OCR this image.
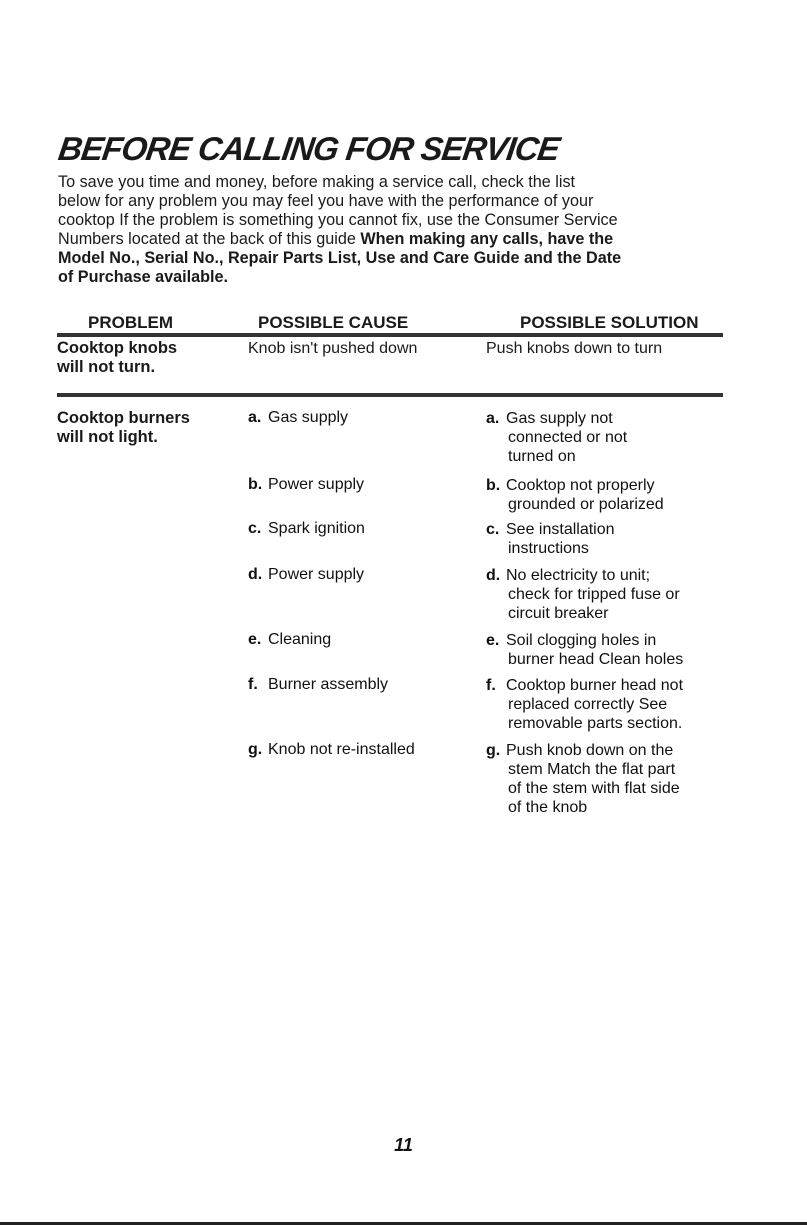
BEFORE CALLING FOR SERVICE

To save you time and money, before making a service call, check the list

below for any problem you may feel you have with the performance of your

cooktop If the problem is something you cannot fix, use the Consumer Service

Numbers located at the back of this guide When making any calls, have the

Model No., Serial No., Repair Parts List, Use and Care Guide and the Date

of Purchase available.

PROBLEM	POSSIBLE CAUSE	POSSIBLE SOLUTION
Cooktop knobs
will not turn.
Knob isn't pushed down	Push knobs down to turn
Cooktop burners
will not light.
a. Gas supply	a. Gas supply not
connected or not
turned on
b. Power supply	b. Cooktop not properly
grounded or polarized
c. Spark ignition	c. See installation
instructions
d. Power supply	d. No electricity to unit;
check for tripped fuse or
circuit breaker
e. Cleaning	e. Soil clogging holes in
burner head Clean holes
f. Burner assembly	f. Cooktop burner head not
replaced correctly See
removable parts section.
g. Knob not re-installed	g. Push knob down on the
stem Match the flat part
of the stem with flat side
of the knob
11
